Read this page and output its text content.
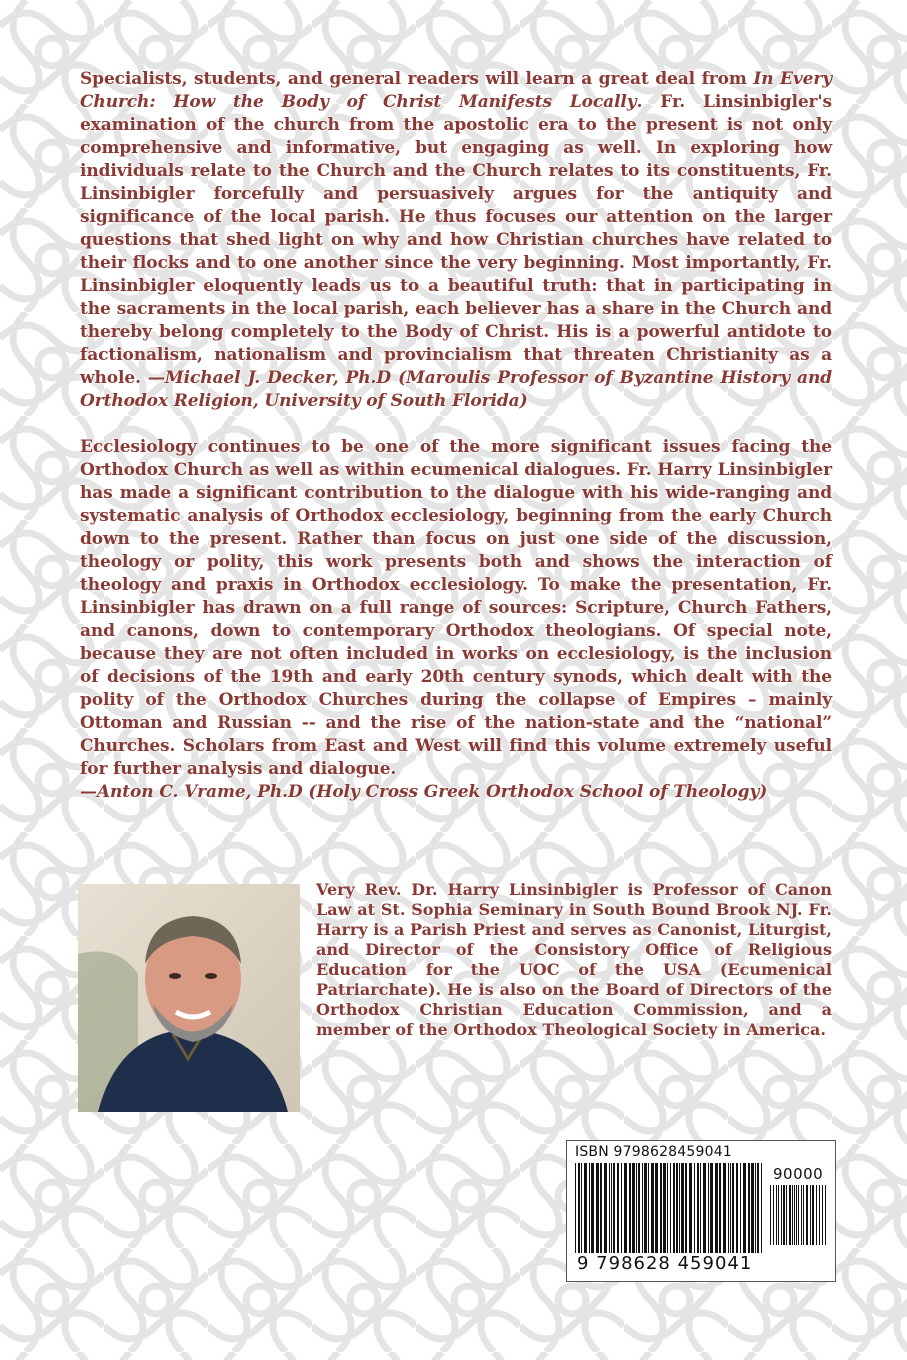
Specialists, students, and general readers will learn a great deal from In Every Church: How the Body of Christ Manifests Locally. Fr. Linsinbigler's examination of the church from the apostolic era to the present is not only comprehensive and informative, but engaging as well. In exploring how individuals relate to the Church and the Church relates to its constituents, Fr. Linsinbigler forcefully and persuasively argues for the antiquity and significance of the local parish. He thus focuses our attention on the larger questions that shed light on why and how Christian churches have related to their flocks and to one another since the very beginning. Most importantly, Fr. Linsinbigler eloquently leads us to a beautiful truth: that in participating in the sacraments in the local parish, each believer has a share in the Church and thereby belong completely to the Body of Christ. His is a powerful antidote to factionalism, nationalism and provincialism that threaten Christianity as a whole. —Michael J. Decker, Ph.D (Maroulis Professor of Byzantine History and Orthodox Religion, University of South Florida)
Ecclesiology continues to be one of the more significant issues facing the Orthodox Church as well as within ecumenical dialogues. Fr. Harry Linsinbigler has made a significant contribution to the dialogue with his wide-ranging and systematic analysis of Orthodox ecclesiology, beginning from the early Church down to the present. Rather than focus on just one side of the discussion, theology or polity, this work presents both and shows the interaction of theology and praxis in Orthodox ecclesiology. To make the presentation, Fr. Linsinbigler has drawn on a full range of sources: Scripture, Church Fathers, and canons, down to contemporary Orthodox theologians. Of special note, because they are not often included in works on ecclesiology, is the inclusion of decisions of the 19th and early 20th century synods, which dealt with the polity of the Orthodox Churches during the collapse of Empires – mainly Ottoman and Russian -- and the rise of the nation-state and the “national” Churches. Scholars from East and West will find this volume extremely useful for further analysis and dialogue.
—Anton C. Vrame, Ph.D (Holy Cross Greek Orthodox School of Theology)
Very Rev. Dr. Harry Linsinbigler is Professor of Canon Law at St. Sophia Seminary in South Bound Brook NJ. Fr. Harry is a Parish Priest and serves as Canonist, Liturgist, and Director of the Consistory Office of Religious Education for the UOC of the USA (Ecumenical Patriarchate). He is also on the Board of Directors of the Orthodox Christian Education Commission, and a member of the Orthodox Theological Society in America.
ISBN 9798628459041
90000
9 798628 459041
